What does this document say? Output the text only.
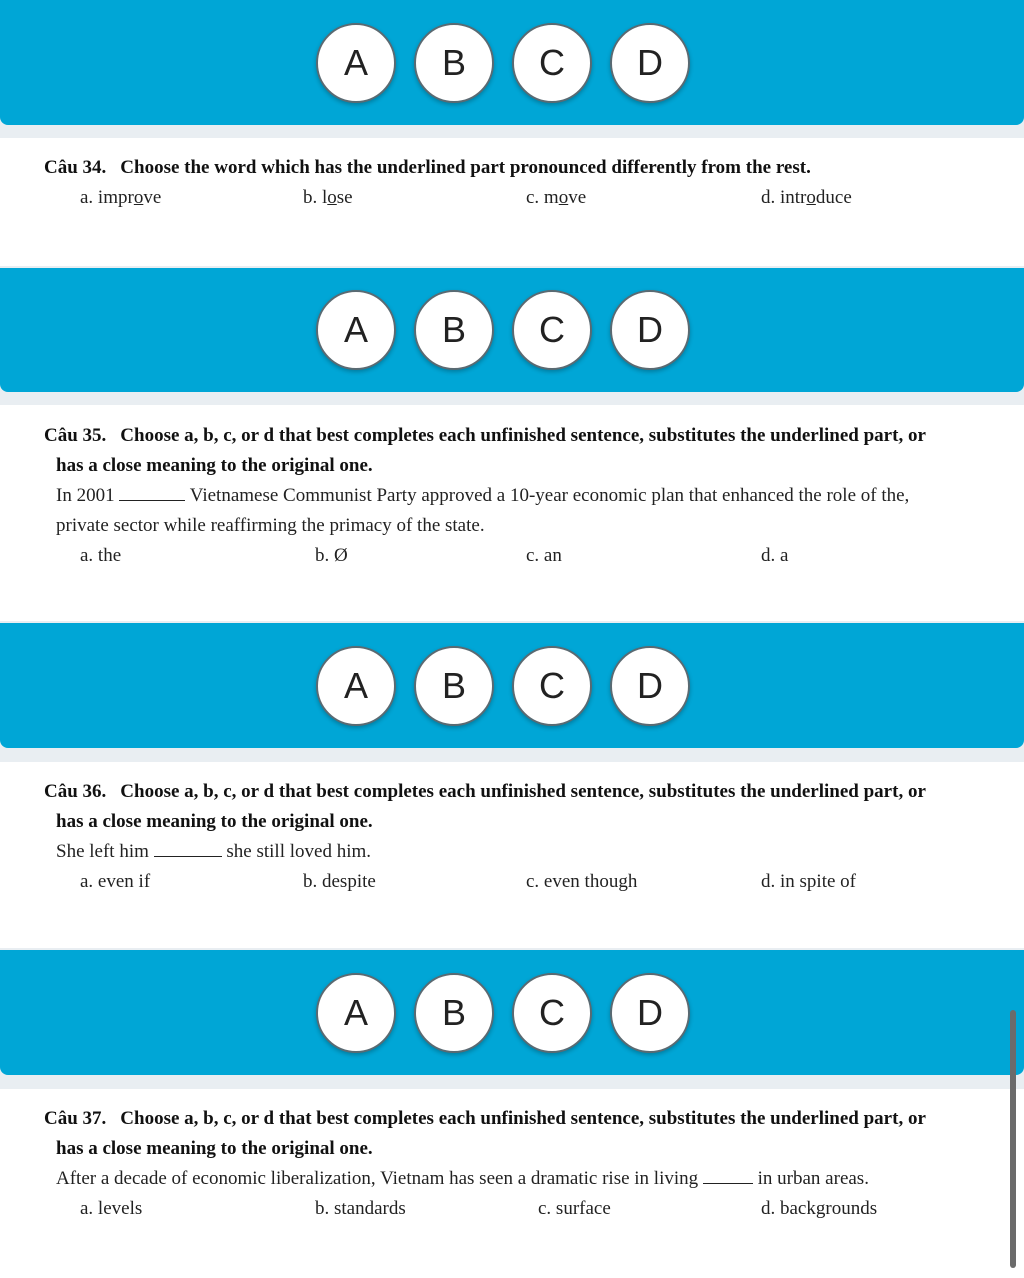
A	B	C	D
Câu 34. Choose the word which has the underlined part pronounced differently from the rest.
a. improve	b. lose	c. move	d. introduce
A	B	C	D
Câu 35. Choose a, b, c, or d that best completes each unfinished sentence, substitutes the underlined part, or
has a close meaning to the original one.
In 2001	Vietnamese Communist Party approved a 10-year economic plan that enhanced the role of the,
private sector while reaffirming the primacy of the state.
a. the	b. Ø	c. an	d. a
A	B	C	D
Câu 36. Choose a, b, c, or d that best completes each unfinished sentence, substitutes the underlined part, or
has a close meaning to the original one.
She left him	she still loved him.
a. even if	b. despite	c. even though	d. in spite of
A	B	C	D
Câu 37. Choose a, b, c, or d that best completes each unfinished sentence, substitutes the underlined part, or
has a close meaning to the original one.
After a decade of economic liberalization, Vietnam has seen a dramatic rise in living	in urban areas.
a. levels	b. standards	c. surface	d. backgrounds
